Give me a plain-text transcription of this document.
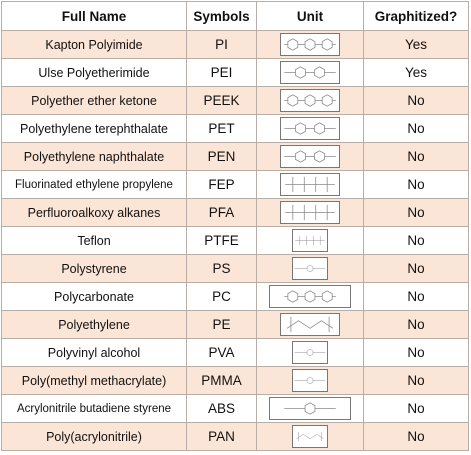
Full Name	Symbols	Unit	Graphitized?
Kapton Polyimide	PI		Yes
Ulse Polyetherimide	PEI		Yes
Polyether ether ketone	PEEK		No
Polyethylene terephthalate	PET		No
Polyethylene naphthalate	PEN		No
Fluorinated ethylene propylene	FEP		No
Perfluoroalkoxy alkanes	PFA		No
Teflon	PTFE		No
Polystyrene	PS		No
Polycarbonate	PC		No
Polyethylene	PE		No
Polyvinyl alcohol	PVA		No
Poly(methyl methacrylate)	PMMA		No
Acrylonitrile butadiene styrene	ABS		No
Poly(acrylonitrile)	PAN		No
